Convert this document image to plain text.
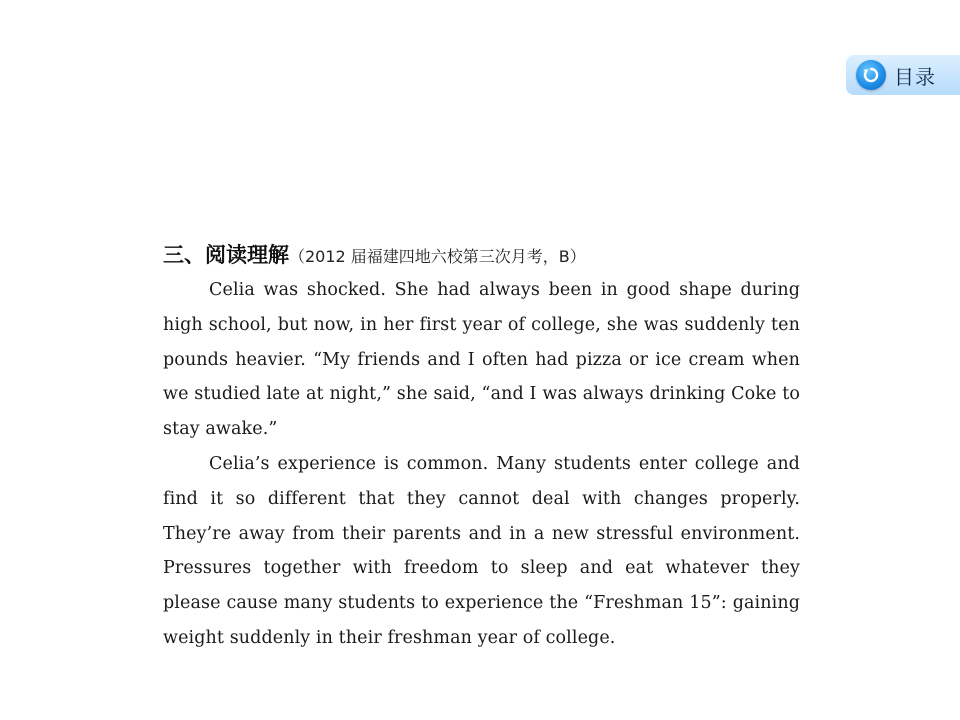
目录
三、阅读理解（2012 届福建四地六校第三次月考，B）

Celia was shocked. She had always been in good shape during high school, but now, in her first year of college, she was suddenly ten pounds heavier. “My friends and I often had pizza or ice cream when we studied late at night,” she said, “and I was always drinking Coke to stay awake.”

Celia’s experience is common. Many students enter college and find it so different that they cannot deal with changes properly. They’re away from their parents and in a new stressful environment. Pressures together with freedom to sleep and eat whatever they please cause many students to experience the “Freshman 15”: gaining weight suddenly in their freshman year of college.
